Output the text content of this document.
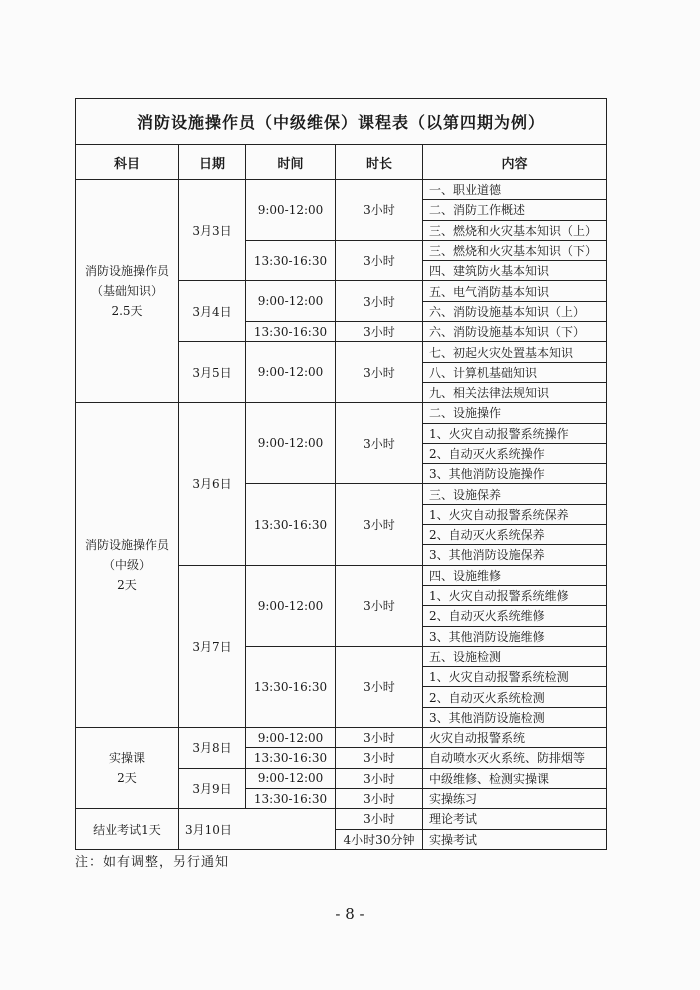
消防设施操作员（中级维保）课程表（以第四期为例）				
科目	日期	时间	时长	内容

消防设施操作员
（基础知识）
2.5天	3月3日	9:00-12:00	3小时	一、职业道德
				二、消防工作概述
				三、燃烧和火灾基本知识（上）
		13:30-16:30	3小时	三、燃烧和火灾基本知识（下）
				四、建筑防火基本知识
	3月4日	9:00-12:00	3小时	五、电气消防基本知识
				六、消防设施基本知识（上）
		13:30-16:30	3小时	六、消防设施基本知识（下）
	3月5日	9:00-12:00	3小时	七、初起火灾处置基本知识
				八、计算机基础知识
				九、相关法律法规知识

消防设施操作员
（中级）
2天	3月6日	9:00-12:00	3小时	二、设施操作
				1、火灾自动报警系统操作
				2、自动灭火系统操作
				3、其他消防设施操作
		13:30-16:30	3小时	三、设施保养
				1、火灾自动报警系统保养
				2、自动灭火系统保养
				3、其他消防设施保养
	3月7日	9:00-12:00	3小时	四、设施维修
				1、火灾自动报警系统维修
				2、自动灭火系统维修
				3、其他消防设施维修
		13:30-16:30	3小时	五、设施检测
				1、火灾自动报警系统检测
				2、自动灭火系统检测
				3、其他消防设施检测

实操课
2天	3月8日	9:00-12:00	3小时	火灾自动报警系统
		13:30-16:30	3小时	自动喷水灭火系统、防排烟等
	3月9日	9:00-12:00	3小时	中级维修、检测实操课
		13:30-16:30	3小时	实操练习
结业考试1天	3月10日		3小时	理论考试
			4小时30分钟	实操考试
注：如有调整，另行通知
- 8 -
